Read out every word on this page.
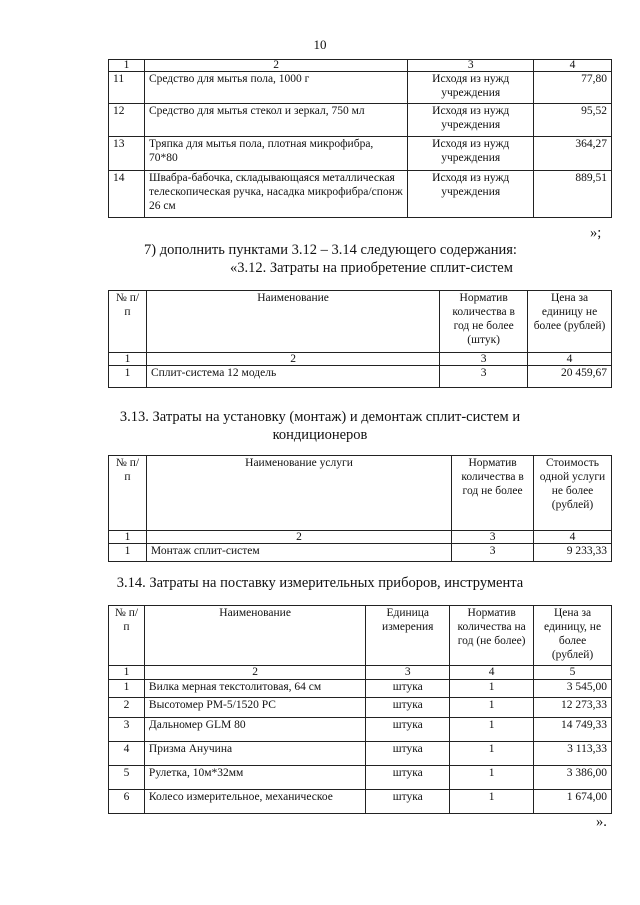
10
1	2	3	4
11	Средство для мытья пола, 1000 г	Исходя из нужд учреждения	77,80
12	Средство для мытья стекол и зеркал, 750 мл	Исходя из нужд учреждения	95,52
13	Тряпка для мытья пола, плотная микрофибра, 70*80	Исходя из нужд учреждения	364,27
14	Швабра-бабочка, складывающаяся металлическая телескопическая ручка, насадка микрофибра/спонж 26 см	Исходя из нужд учреждения	889,51
»;
7) дополнить пунктами 3.12 – 3.14 следующего содержания:
«3.12. Затраты на приобретение сплит-систем
№ п/п	Наименование	Норматив количества в год не более (штук)	Цена за единицу не более (рублей)
1	2	3	4
1	Сплит-система 12 модель	3	20 459,67
3.13. Затраты на установку (монтаж) и демонтаж сплит-систем и
кондиционеров
№ п/п	Наименование услуги	Норматив количества в год не более	Стоимость одной услуги не более (рублей)
1	2	3	4
1	Монтаж сплит-систем	3	9 233,33
3.14. Затраты на поставку измерительных приборов, инструмента
№ п/п	Наименование	Единица измерения	Норматив количества на год (не более)	Цена за единицу, не более (рублей)
1	2	3	4	5
1	Вилка мерная текстолитовая, 64 см	штука	1	3 545,00
2	Высотомер РМ-5/1520 РС	штука	1	12 273,33
3	Дальномер GLM 80	штука	1	14 749,33
4	Призма Анучина	штука	1	3 113,33
5	Рулетка, 10м*32мм	штука	1	3 386,00
6	Колесо измерительное, механическое	штука	1	1 674,00
».
